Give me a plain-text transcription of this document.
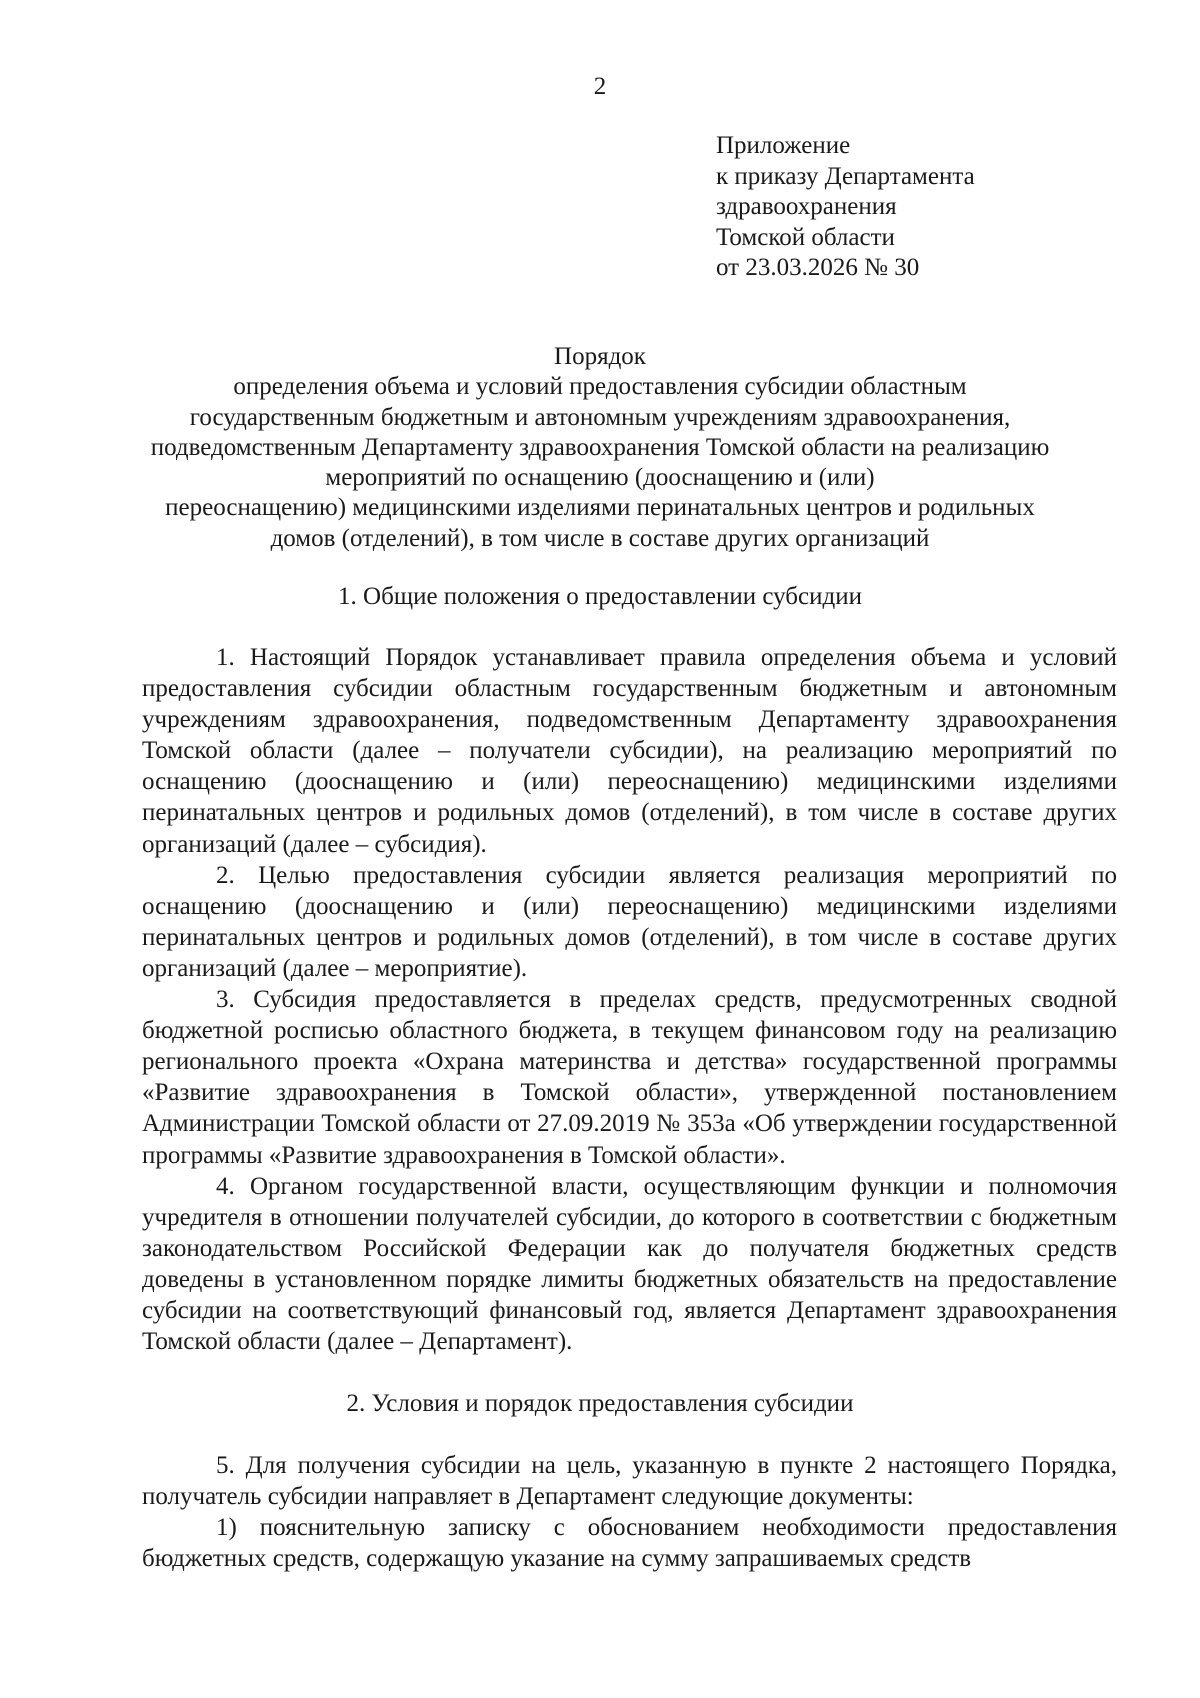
2
Приложение
к приказу Департамента
здравоохранения
Томской области
от 23.03.2026 № 30
Порядок
определения объема и условий предоставления субсидии областным
государственным бюджетным и автономным учреждениям здравоохранения,
подведомственным Департаменту здравоохранения Томской области на реализацию
мероприятий по оснащению (дооснащению и (или)
переоснащению) медицинскими изделиями перинатальных центров и родильных
домов (отделений), в том числе в составе других организаций
1. Общие положения о предоставлении субсидии

1. Настоящий Порядок устанавливает правила определения объема и условий предоставления субсидии областным государственным бюджетным и автономным учреждениям здравоохранения, подведомственным Департаменту здравоохранения Томской области (далее – получатели субсидии), на реализацию мероприятий по оснащению (дооснащению и (или) переоснащению) медицинскими изделиями перинатальных центров и родильных домов (отделений), в том числе в составе других организаций (далее – субсидия).

2. Целью предоставления субсидии является реализация мероприятий по оснащению (дооснащению и (или) переоснащению) медицинскими изделиями перинатальных центров и родильных домов (отделений), в том числе в составе других организаций (далее – мероприятие).

3. Субсидия предоставляется в пределах средств, предусмотренных сводной бюджетной росписью областного бюджета, в текущем финансовом году на реализацию регионального проекта «Охрана материнства и детства» государственной программы «Развитие здравоохранения в Томской области», утвержденной постановлением Администрации Томской области от 27.09.2019 № 353а «Об утверждении государственной программы «Развитие здравоохранения в Томской области».

4. Органом государственной власти, осуществляющим функции и полномочия учредителя в отношении получателей субсидии, до которого в соответствии с бюджетным законодательством Российской Федерации как до получателя бюджетных средств доведены в установленном порядке лимиты бюджетных обязательств на предоставление субсидии на соответствующий финансовый год, является Департамент здравоохранения Томской области (далее – Департамент).

2. Условия и порядок предоставления субсидии

5. Для получения субсидии на цель, указанную в пункте 2 настоящего Порядка, получатель субсидии направляет в Департамент следующие документы:

1) пояснительную записку с обоснованием необходимости предоставления бюджетных средств, содержащую указание на сумму запрашиваемых средств
